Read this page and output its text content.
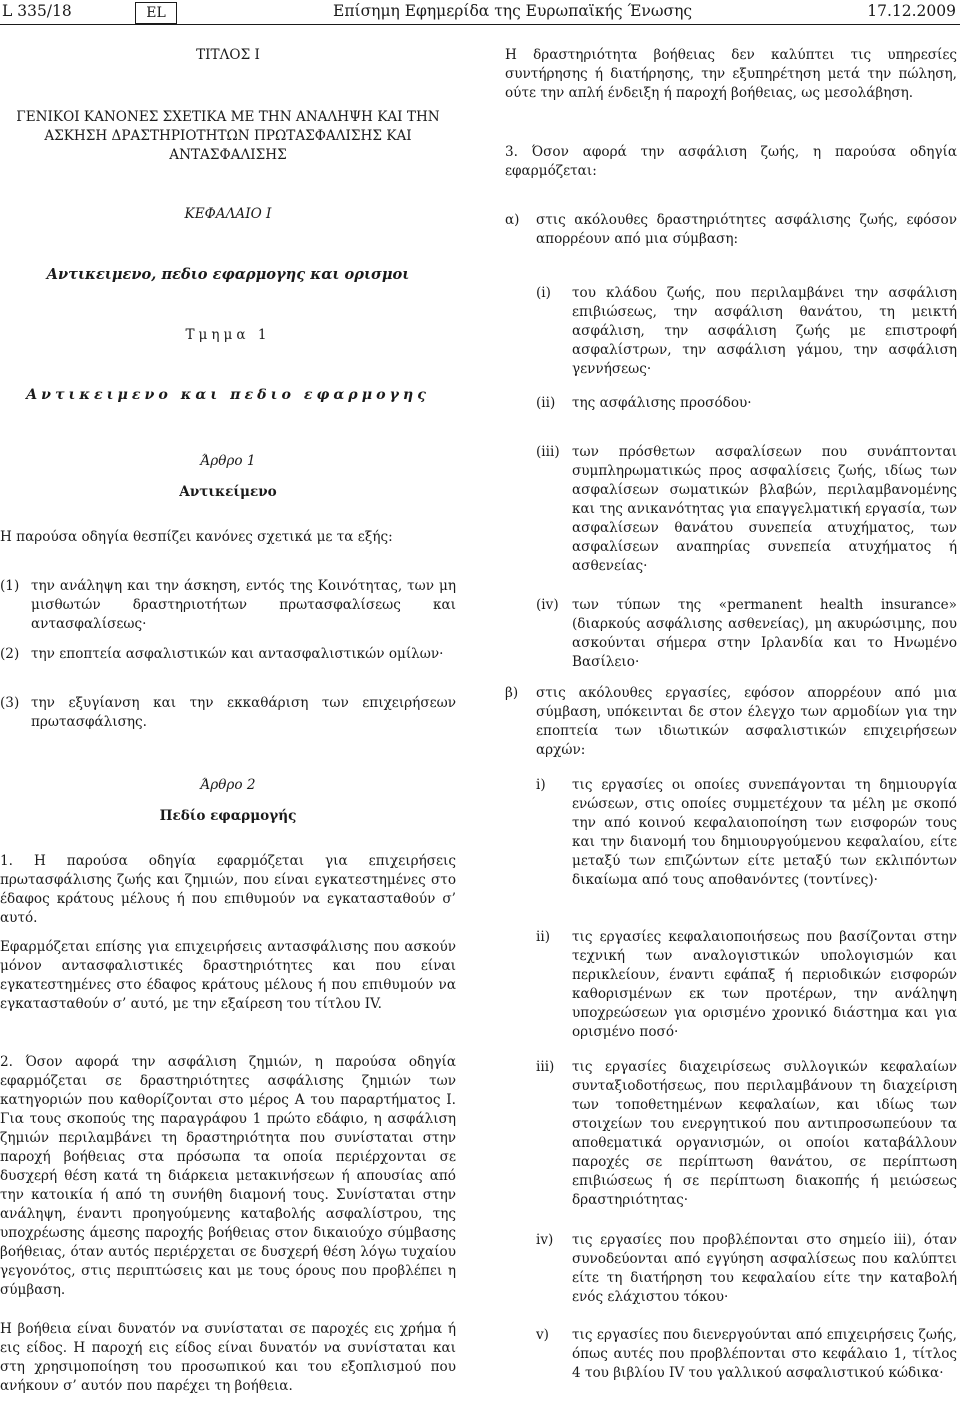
L 335/18	EL	Επίσημη Εφημερίδα της Ευρωπαϊκής Ένωσης	17.12.2009

ΤΙΤΛΟΣ Ι

ΓΕΝΙΚΟΙ ΚΑΝΟΝΕΣ ΣΧΕΤΙΚΑ ΜΕ ΤΗΝ ΑΝΑΛΗΨΗ ΚΑΙ ΤΗΝ

ΑΣΚΗΣΗ ΔΡΑΣΤΗΡΙΟΤΗΤΩΝ ΠΡΩΤΑΣΦΑΛΙΣΗΣ ΚΑΙ

ΑΝΤΑΣΦΑΛΙΣΗΣ

ΚΕΦΑΛΑΙΟ Ι

Αντικειμενο, πεδιο εφαρμογης και ορισμοι

Τμημα 1

Αντικειμενο και πεδιο εφαρμογης

Άρθρο 1

Αντικείμενο

Η παρούσα οδηγία θεσπίζει κανόνες σχετικά με τα εξής:

(1) την ανάληψη και την άσκηση, εντός της Κοινότητας, των μη μισθωτών δραστηριοτήτων πρωτασφαλίσεως και αντασφαλίσεως·

(2) την εποπτεία ασφαλιστικών και αντασφαλιστικών ομίλων·

(3) την εξυγίανση και την εκκαθάριση των επιχειρήσεων πρωτασφάλισης.

Άρθρο 2

Πεδίο εφαρμογής

1. Η παρούσα οδηγία εφαρμόζεται για επιχειρήσεις πρωτασφάλισης ζωής και ζημιών, που είναι εγκατεστημένες στο έδαφος κράτους μέλους ή που επιθυμούν να εγκατασταθούν σ’ αυτό.

Εφαρμόζεται επίσης για επιχειρήσεις αντασφάλισης που ασκούν μόνον αντασφαλιστικές δραστηριότητες και που είναι εγκατεστημένες στο έδαφος κράτους μέλους ή που επιθυμούν να εγκατασταθούν σ’ αυτό, με την εξαίρεση του τίτλου IV.

2. Όσον αφορά την ασφάλιση ζημιών, η παρούσα οδηγία εφαρμόζεται σε δραστηριότητες ασφάλισης ζημιών των κατηγοριών που καθορίζονται στο μέρος Α του παραρτήματος Ι. Για τους σκοπούς της παραγράφου 1 πρώτο εδάφιο, η ασφάλιση ζημιών περιλαμβάνει τη δραστηριότητα που συνίσταται στην παροχή βοήθειας στα πρόσωπα τα οποία περιέρχονται σε δυσχερή θέση κατά τη διάρκεια μετακινήσεων ή απουσίας από την κατοικία ή από τη συνήθη διαμονή τους. Συνίσταται στην ανάληψη, έναντι προηγούμενης καταβολής ασφαλίστρου, της υποχρέωσης άμεσης παροχής βοήθειας στον δικαιούχο σύμβασης βοήθειας, όταν αυτός περιέρχεται σε δυσχερή θέση λόγω τυχαίου γεγονότος, στις περιπτώσεις και με τους όρους που προβλέπει η σύμβαση.

Η βοήθεια είναι δυνατόν να συνίσταται σε παροχές εις χρήμα ή εις είδος. Η παροχή εις είδος είναι δυνατόν να συνίσταται και στη χρησιμοποίηση του προσωπικού και του εξοπλισμού που ανήκουν σ’ αυτόν που παρέχει τη βοήθεια.

Η δραστηριότητα βοήθειας δεν καλύπτει τις υπηρεσίες συντήρησης ή διατήρησης, την εξυπηρέτηση μετά την πώληση, ούτε την απλή ένδειξη ή παροχή βοήθειας, ως μεσολάβηση.

3. Όσον αφορά την ασφάλιση ζωής, η παρούσα οδηγία εφαρμόζεται:

α) στις ακόλουθες δραστηριότητες ασφάλισης ζωής, εφόσον απορρέουν από μια σύμβαση:

(i) του κλάδου ζωής, που περιλαμβάνει την ασφάλιση επιβιώσεως, την ασφάλιση θανάτου, τη μεικτή ασφάλιση, την ασφάλιση ζωής με επιστροφή ασφαλίστρων, την ασφάλιση γάμου, την ασφάλιση γεννήσεως·

(ii) της ασφάλισης προσόδου·

(iii) των πρόσθετων ασφαλίσεων που συνάπτονται συμπληρωματικώς προς ασφαλίσεις ζωής, ιδίως των ασφαλίσεων σωματικών βλαβών, περιλαμβανομένης και της ανικανότητας για επαγγελματική εργασία, των ασφαλίσεων θανάτου συνεπεία ατυχήματος, των ασφαλίσεων αναπηρίας συνεπεία ατυχήματος ή ασθενείας·

(iv) των τύπων της «permanent health insurance» (διαρκούς ασφάλισης ασθενείας), μη ακυρώσιμης, που ασκούνται σήμερα στην Ιρλανδία και το Ηνωμένο Βασίλειο·

β) στις ακόλουθες εργασίες, εφόσον απορρέουν από μια σύμβαση, υπόκεινται δε στον έλεγχο των αρμοδίων για την εποπτεία των ιδιωτικών ασφαλιστικών επιχειρήσεων αρχών:

i) τις εργασίες οι οποίες συνεπάγονται τη δημιουργία ενώσεων, στις οποίες συμμετέχουν τα μέλη με σκοπό την από κοινού κεφαλαιοποίηση των εισφορών τους και την διανομή του δημιουργούμενου κεφαλαίου, είτε μεταξύ των επιζώντων είτε μεταξύ των εκλιπόντων δικαίωμα από τους αποθανόντες (τοντίνες)·

ii) τις εργασίες κεφαλαιοποιήσεως που βασίζονται στην τεχνική των αναλογιστικών υπολογισμών και περικλείουν, έναντι εφάπαξ ή περιοδικών εισφορών καθορισμένων εκ των προτέρων, την ανάληψη υποχρεώσεων για ορισμένο χρονικό διάστημα και για ορισμένο ποσό·

iii) τις εργασίες διαχειρίσεως συλλογικών κεφαλαίων συνταξιοδοτήσεως, που περιλαμβάνουν τη διαχείριση των τοποθετημένων κεφαλαίων, και ιδίως των στοιχείων του ενεργητικού που αντιπροσωπεύουν τα αποθεματικά οργανισμών, οι οποίοι καταβάλλουν παροχές σε περίπτωση θανάτου, σε περίπτωση επιβιώσεως ή σε περίπτωση διακοπής ή μειώσεως δραστηριότητας·

iv) τις εργασίες που προβλέπονται στο σημείο iii), όταν συνοδεύονται από εγγύηση ασφαλίσεως που καλύπτει είτε τη διατήρηση του κεφαλαίου είτε την καταβολή ενός ελάχιστου τόκου·

v) τις εργασίες που διενεργούνται από επιχειρήσεις ζωής, όπως αυτές που προβλέπονται στο κεφάλαιο 1, τίτλος 4 του βιβλίου IV του γαλλικού ασφαλιστικού κώδικα·
